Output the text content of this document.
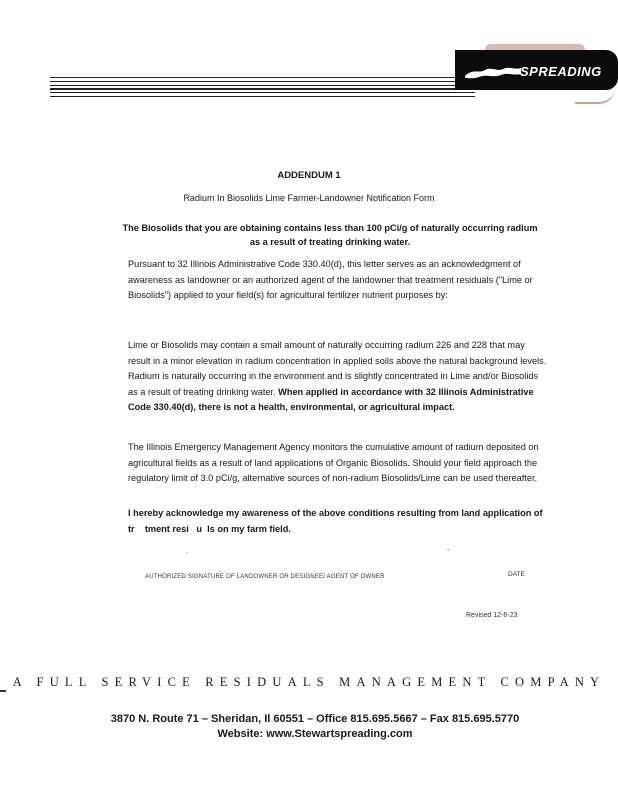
SPREADING
ADDENDUM 1
Radium In Biosolids Lime Farmer-Landowner Notification Form
The Biosolids that you are obtaining contains less than 100 pCi/g of naturally occurring radium as a result of treating drinking water.
Pursuant to 32 Illinois Administrative Code 330.40(d), this letter serves as an acknowledgment of awareness as landowner or an authorized agent of the landowner that treatment residuals ("Lime or Biosolids") applied to your field(s) for agricultural fertilizer nutrient purposes by:
Lime or Biosolids may contain a small amount of naturally occurring radium 226 and 228 that may result in a minor elevation in radium concentration in applied soils above the natural background levels. Radium is naturally occurring in the environment and is slightly concentrated in Lime and/or Biosolids as a result of treating drinking water. When applied in accordance with 32 Illinois Administrative Code 330.40(d), there is not a health, environmental, or agricultural impact.
The Illinois Emergency Management Agency monitors the cumulative amount of radium deposited on agricultural fields as a result of land applications of Organic Biosolids. Should your field approach the regulatory limit of 3.0 pCi/g, alternative sources of non-radium Biosolids/Lime can be used thereafter.
I hereby acknowledge my awareness of the above conditions resulting from land application of tr    tment resi   u  ls on my farm field.
.	-
AUTHORIZED SIGNATURE OF LANDOWNER OR DESIGNEE/ AGENT OF OWNER	DATE
Revised 12-6-23
A FULL SERVICE RESIDUALS MANAGEMENT COMPANY
3870 N. Route 71 – Sheridan, Il 60551 – Office 815.695.5667 – Fax 815.695.5770 Website: www.Stewartspreading.com
